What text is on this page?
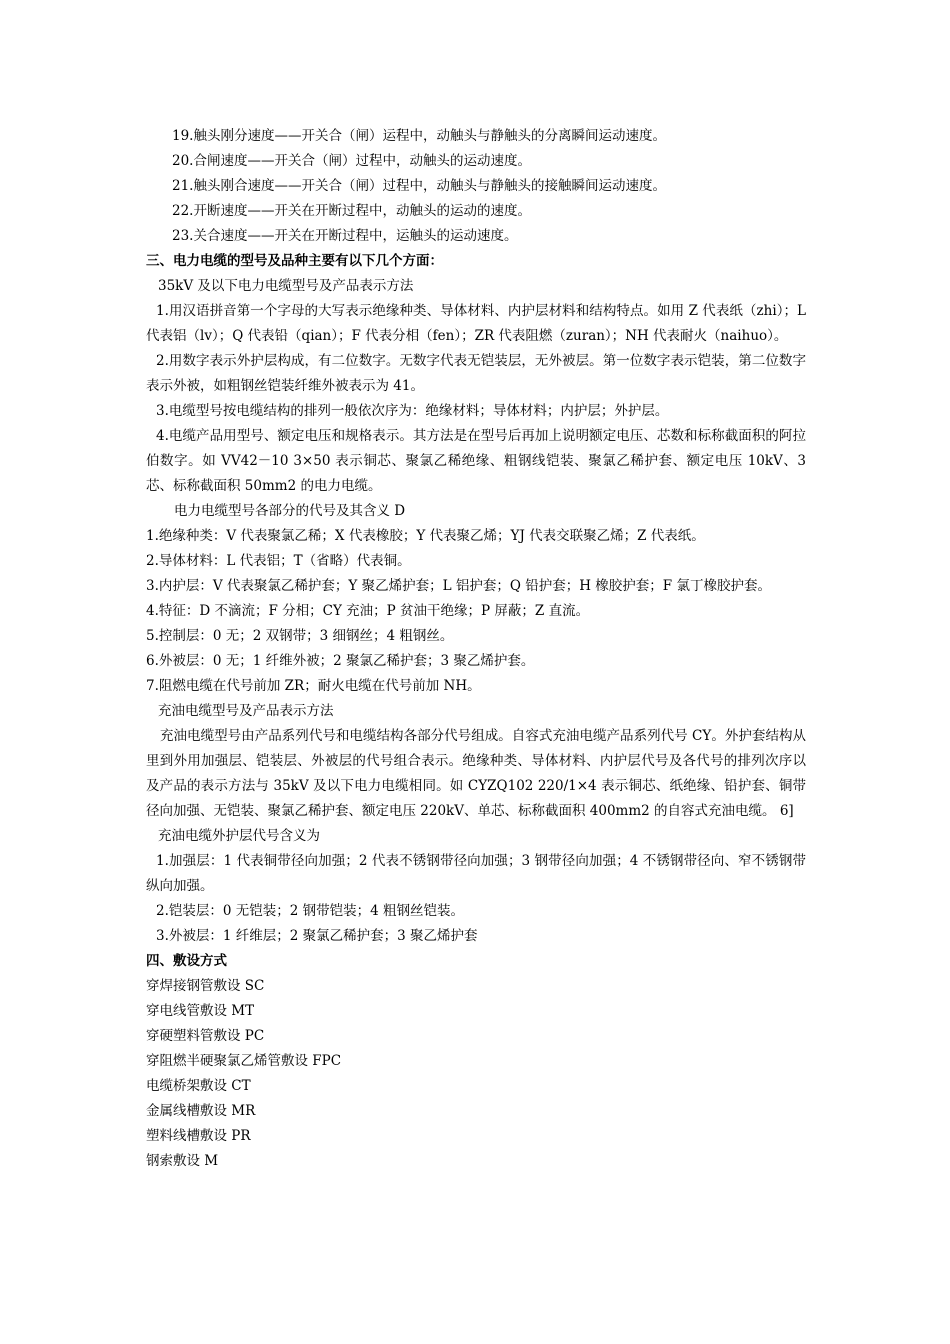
19.触头刚分速度——开关合（闸）运程中，动触头与静触头的分离瞬间运动速度。
20.合闸速度——开关合（闸）过程中，动触头的运动速度。
21.触头刚合速度——开关合（闸）过程中，动触头与静触头的接触瞬间运动速度。
22.开断速度——开关在开断过程中，动触头的运动的速度。
23.关合速度——开关在开断过程中，运触头的运动速度。
三、电力电缆的型号及品种主要有以下几个方面：
35kV 及以下电力电缆型号及产品表示方法
1.用汉语拼音第一个字母的大写表示绝缘种类、导体材料、内护层材料和结构特点。如用 Z 代表纸（zhi）；L 代表铝（lv）；Q 代表铅（qian）；F 代表分相（fen）；ZR 代表阻燃（zuran）；NH 代表耐火（naihuo）。
2.用数字表示外护层构成，有二位数字。无数字代表无铠装层，无外被层。第一位数字表示铠装，第二位数字表示外被，如粗钢丝铠装纤维外被表示为 41。
3.电缆型号按电缆结构的排列一般依次序为：绝缘材料；导体材料；内护层；外护层。
4.电缆产品用型号、额定电压和规格表示。其方法是在型号后再加上说明额定电压、芯数和标称截面积的阿拉伯数字。如 VV42－10 3×50 表示铜芯、聚氯乙稀绝缘、粗钢线铠装、聚氯乙稀护套、额定电压 10kV、3 芯、标称截面积 50mm2 的电力电缆。
电力电缆型号各部分的代号及其含义 D
1.绝缘种类：V 代表聚氯乙稀；X 代表橡胶；Y 代表聚乙烯；YJ 代表交联聚乙烯；Z 代表纸。
2.导体材料：L 代表铝；T（省略）代表铜。
3.内护层：V 代表聚氯乙稀护套；Y 聚乙烯护套；L 铝护套；Q 铅护套；H 橡胶护套；F 氯丁橡胶护套。
4.特征：D 不滴流；F 分相；CY 充油；P 贫油干绝缘；P 屏蔽；Z 直流。
5.控制层：0 无；2 双钢带；3 细钢丝；4 粗钢丝。
6.外被层：0 无；1 纤维外被；2 聚氯乙稀护套；3 聚乙烯护套。
7.阻燃电缆在代号前加 ZR；耐火电缆在代号前加 NH。
充油电缆型号及产品表示方法
充油电缆型号由产品系列代号和电缆结构各部分代号组成。自容式充油电缆产品系列代号 CY。外护套结构从里到外用加强层、铠装层、外被层的代号组合表示。绝缘种类、导体材料、内护层代号及各代号的排列次序以及产品的表示方法与 35kV 及以下电力电缆相同。如 CYZQ102 220/1×4 表示铜芯、纸绝缘、铅护套、铜带径向加强、无铠装、聚氯乙稀护套、额定电压 220kV、单芯、标称截面积 400mm2 的自容式充油电缆。 6]
充油电缆外护层代号含义为
1.加强层：1 代表铜带径向加强；2 代表不锈钢带径向加强；3 钢带径向加强；4 不锈钢带径向、窄不锈钢带纵向加强。
2.铠装层：0 无铠装；2 钢带铠装；4 粗钢丝铠装。
3.外被层：1 纤维层；2 聚氯乙稀护套；3 聚乙烯护套
四、敷设方式
穿焊接钢管敷设 SC
穿电线管敷设 MT
穿硬塑料管敷设 PC
穿阻燃半硬聚氯乙烯管敷设 FPC
电缆桥架敷设 CT
金属线槽敷设 MR
塑料线槽敷设 PR
钢索敷设 M
